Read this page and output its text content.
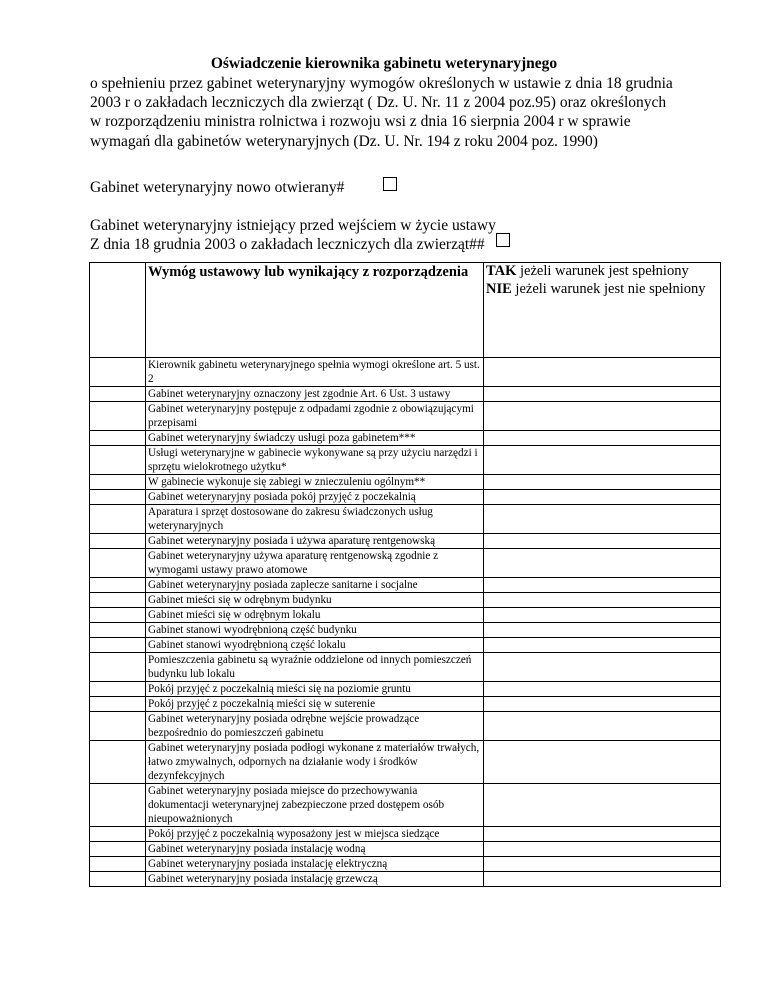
Oświadczenie kierownika gabinetu weterynaryjnego
o spełnieniu przez gabinet weterynaryjny wymogów określonych w ustawie z dnia 18 grudnia
2003 r o zakładach leczniczych dla zwierząt ( Dz. U. Nr. 11 z 2004 poz.95) oraz określonych
w rozporządzeniu ministra rolnictwa i rozwoju wsi z dnia 16 sierpnia 2004 r w sprawie
wymagań dla gabinetów weterynaryjnych (Dz. U. Nr. 194 z roku 2004 poz. 1990)
Gabinet weterynaryjny nowo otwierany#
Gabinet weterynaryjny istniejący przed wejściem w życie ustawy
Z dnia 18 grudnia 2003 o zakładach leczniczych dla zwierząt##

	Wymóg ustawowy lub wynikający z rozporządzenia	TAK jeżeli warunek jest spełniony
NIE jeżeli warunek jest nie spełniony

	Kierownik gabinetu weterynaryjnego spełnia wymogi określone art. 5 ust. 2	
	Gabinet weterynaryjny oznaczony jest zgodnie Art. 6 Ust. 3 ustawy	
	Gabinet weterynaryjny postępuje z odpadami zgodnie z obowiązującymi przepisami	
	Gabinet weterynaryjny świadczy usługi poza gabinetem***	
	Usługi weterynaryjne w gabinecie wykonywane są przy użyciu narzędzi i sprzętu wielokrotnego użytku*	
	W gabinecie wykonuje się zabiegi w znieczuleniu ogólnym**	
	Gabinet weterynaryjny posiada pokój przyjęć z poczekalnią	
	Aparatura i sprzęt dostosowane do zakresu świadczonych usług weterynaryjnych	
	Gabinet weterynaryjny posiada i używa aparaturę rentgenowską	
	Gabinet weterynaryjny używa aparaturę rentgenowską zgodnie z wymogami ustawy prawo atomowe	
	Gabinet weterynaryjny posiada zaplecze sanitarne i socjalne	
	Gabinet mieści się w odrębnym budynku	
	Gabinet mieści się w odrębnym lokalu	
	Gabinet stanowi wyodrębnioną część budynku	
	Gabinet stanowi wyodrębnioną część lokalu	
	Pomieszczenia gabinetu są wyraźnie oddzielone od innych pomieszczeń budynku lub lokalu	
	Pokój przyjęć z poczekalnią mieści się na poziomie gruntu	
	Pokój przyjęć z poczekalnią mieści się w suterenie	
	Gabinet weterynaryjny posiada odrębne wejście prowadzące bezpośrednio do pomieszczeń gabinetu	
	Gabinet weterynaryjny posiada podłogi wykonane z materiałów trwałych, łatwo zmywalnych, odpornych na działanie wody i środków dezynfekcyjnych	
	Gabinet weterynaryjny posiada miejsce do przechowywania dokumentacji weterynaryjnej zabezpieczone przed dostępem osób nieupoważnionych	
	Pokój przyjęć z poczekalnią wyposażony jest w miejsca siedzące	
	Gabinet weterynaryjny posiada instalację wodną	
	Gabinet weterynaryjny posiada instalację elektryczną	
	Gabinet weterynaryjny posiada instalację grzewczą	
